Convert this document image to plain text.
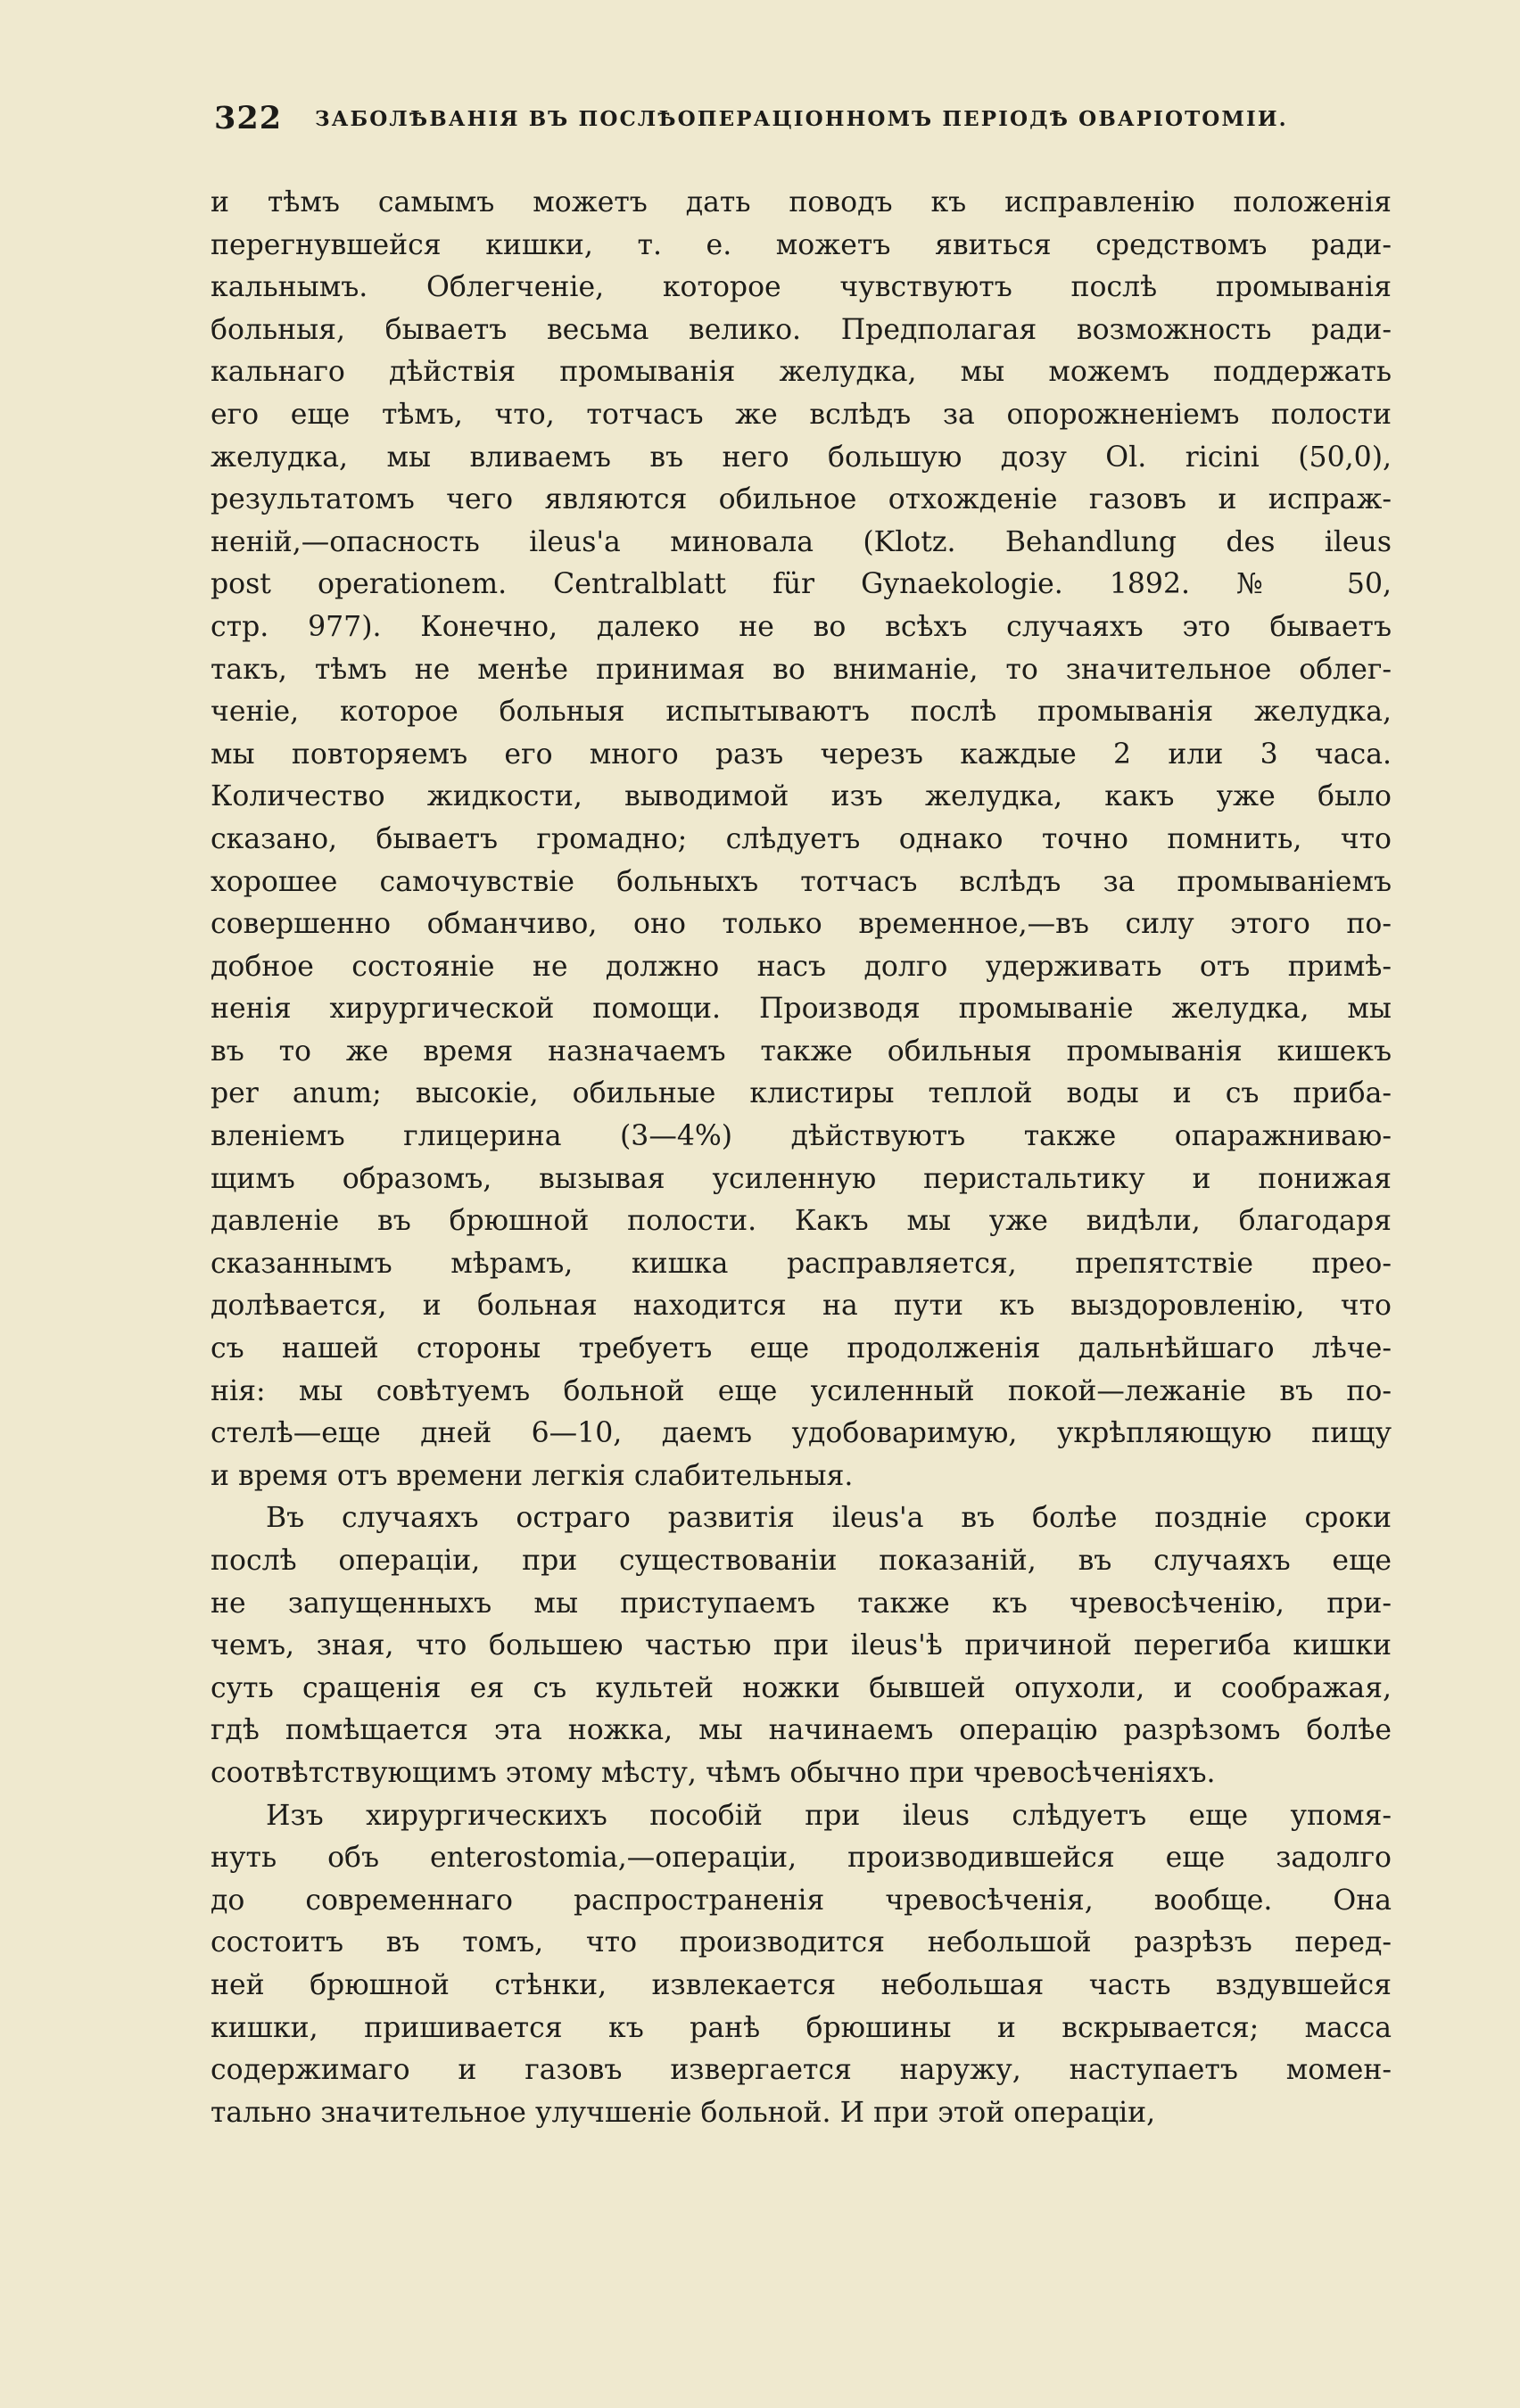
322 ЗАБОЛѢВАНІЯ ВЪ ПОСЛѢОПЕРАЦІОННОМЪ ПЕРІОДѢ ОВАРІОТОМІИ.
и тѣмъ самымъ можетъ дать поводъ къ исправленію положенія
перегнувшейся кишки, т. е. можетъ явиться средствомъ ради-
кальнымъ. Облегченіе, которое чувствуютъ послѣ промыванія
больныя, бываетъ весьма велико. Предполагая возможность ради-
кальнаго дѣйствія промыванія желудка, мы можемъ поддержать
его еще тѣмъ, что, тотчасъ же вслѣдъ за опорожненіемъ полости
желудка, мы вливаемъ въ него большую дозу Ol. ricini (50,0),
результатомъ чего являются обильное отхожденіе газовъ и испраж-
неній,—опасность ileus'а миновала (Klotz. Behandlung des ileus
post operationem. Centralblatt für Gynaekologie. 1892. № 50,
стр. 977). Конечно, далеко не во всѣхъ случаяхъ это бываетъ
такъ, тѣмъ не менѣе принимая во вниманіе, то значительное облег-
ченіе, которое больныя испытываютъ послѣ промыванія желудка,
мы повторяемъ его много разъ черезъ каждые 2 или 3 часа.
Количество жидкости, выводимой изъ желудка, какъ уже было
сказано, бываетъ громадно; слѣдуетъ однако точно помнить, что
хорошее самочувствіе больныхъ тотчасъ вслѣдъ за промываніемъ
совершенно обманчиво, оно только временное,—въ силу этого по-
добное состояніе не должно насъ долго удерживать отъ примѣ-
ненія хирургической помощи. Производя промываніе желудка, мы
въ то же время назначаемъ также обильныя промыванія кишекъ
per anum; высокіе, обильные клистиры теплой воды и съ приба-
вленіемъ глицерина (3—4%) дѣйствуютъ также опаражниваю-
щимъ образомъ, вызывая усиленную перистальтику и понижая
давленіе въ брюшной полости. Какъ мы уже видѣли, благодаря
сказаннымъ мѣрамъ, кишка расправляется, препятствіе прео-
долѣвается, и больная находится на пути къ выздоровленію, что
съ нашей стороны требуетъ еще продолженія дальнѣйшаго лѣче-
нія: мы совѣтуемъ больной еще усиленный покой—лежаніе въ по-
стелѣ—еще дней 6—10, даемъ удобоваримую, укрѣпляющую пищу
и время отъ времени легкія слабительныя.
Въ случаяхъ остраго развитія ileus'а въ болѣе поздніе сроки
послѣ операціи, при существованіи показаній, въ случаяхъ еще
не запущенныхъ мы приступаемъ также къ чревосѣченію, при-
чемъ, зная, что большею частью при ileus'ѣ причиной перегиба кишки
суть сращенія ея съ культей ножки бывшей опухоли, и соображая,
гдѣ помѣщается эта ножка, мы начинаемъ операцію разрѣзомъ болѣе
соотвѣтствующимъ этому мѣсту, чѣмъ обычно при чревосѣченіяхъ.
Изъ хирургическихъ пособій при ileus слѣдуетъ еще упомя-
нуть объ enterostomia,—операціи, производившейся еще задолго
до современнаго распространенія чревосѣченія, вообще. Она
состоитъ въ томъ, что производится небольшой разрѣзъ перед-
ней брюшной стѣнки, извлекается небольшая часть вздувшейся
кишки, пришивается къ ранѣ брюшины и вскрывается; масса
содержимаго и газовъ извергается наружу, наступаетъ момен-
тально значительное улучшеніе больной. И при этой операціи,
